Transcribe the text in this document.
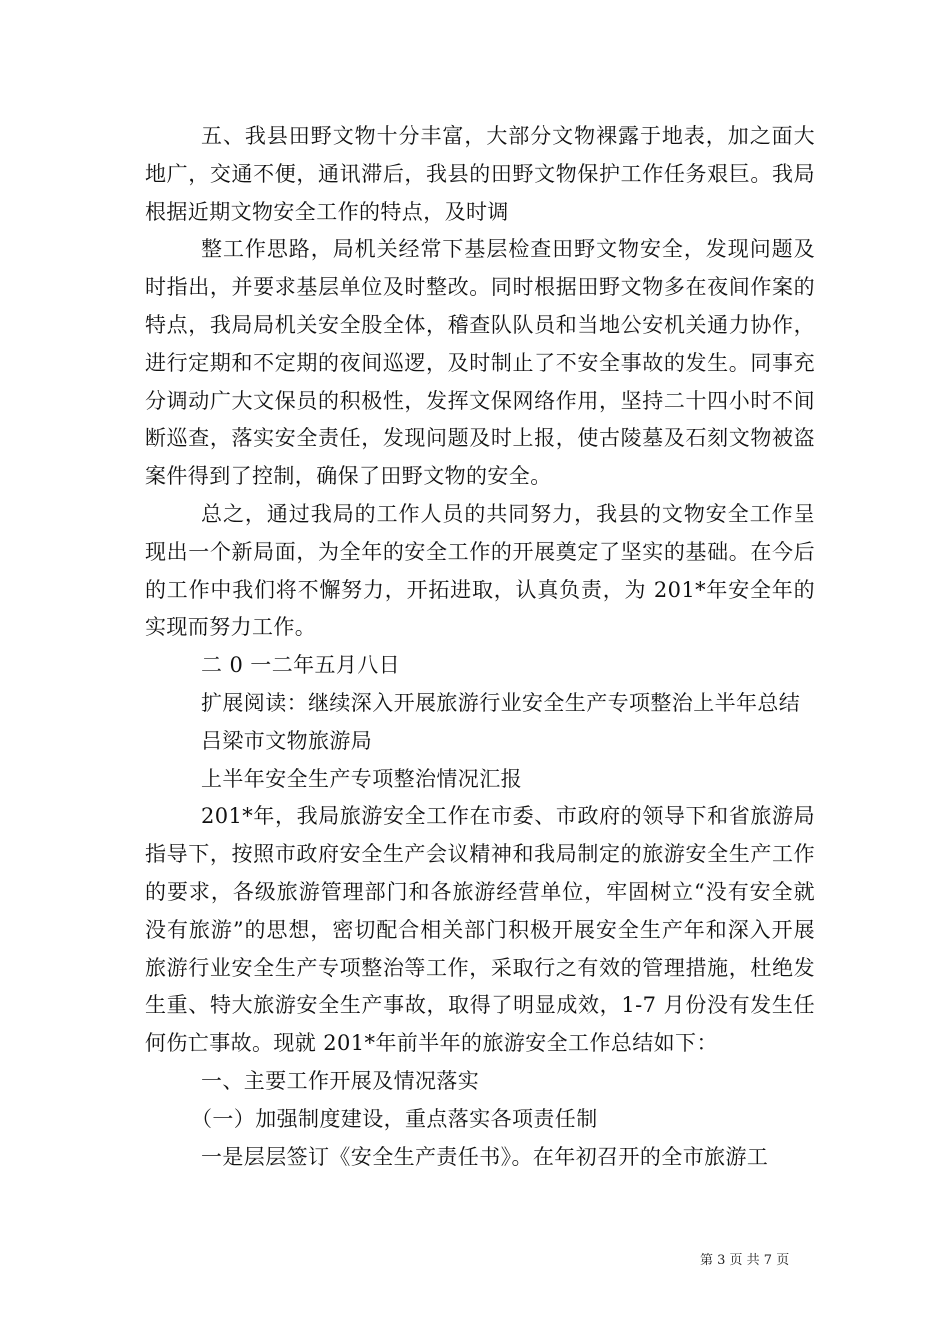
五、我县田野文物十分丰富，大部分文物裸露于地表，加之面大地广，交通不便，通讯滞后，我县的田野文物保护工作任务艰巨。我局根据近期文物安全工作的特点，及时调

整工作思路，局机关经常下基层检查田野文物安全，发现问题及时指出，并要求基层单位及时整改。同时根据田野文物多在夜间作案的特点，我局局机关安全股全体，稽查队队员和当地公安机关通力协作，进行定期和不定期的夜间巡逻，及时制止了不安全事故的发生。同事充分调动广大文保员的积极性，发挥文保网络作用，坚持二十四小时不间断巡查，落实安全责任，发现问题及时上报，使古陵墓及石刻文物被盗案件得到了控制，确保了田野文物的安全。

总之，通过我局的工作人员的共同努力，我县的文物安全工作呈现出一个新局面，为全年的安全工作的开展奠定了坚实的基础。在今后的工作中我们将不懈努力，开拓进取，认真负责，为 201*年安全年的实现而努力工作。

二 0 一二年五月八日

扩展阅读：继续深入开展旅游行业安全生产专项整治上半年总结

吕梁市文物旅游局

上半年安全生产专项整治情况汇报

201*年，我局旅游安全工作在市委、市政府的领导下和省旅游局指导下，按照市政府安全生产会议精神和我局制定的旅游安全生产工作的要求，各级旅游管理部门和各旅游经营单位，牢固树立“没有安全就没有旅游”的思想，密切配合相关部门积极开展安全生产年和深入开展旅游行业安全生产专项整治等工作，采取行之有效的管理措施，杜绝发生重、特大旅游安全生产事故，取得了明显成效，1-7 月份没有发生任何伤亡事故。现就 201*年前半年的旅游安全工作总结如下：

一、主要工作开展及情况落实

（一）加强制度建设，重点落实各项责任制

一是层层签订《安全生产责任书》。在年初召开的全市旅游工

第 3 页 共 7 页
